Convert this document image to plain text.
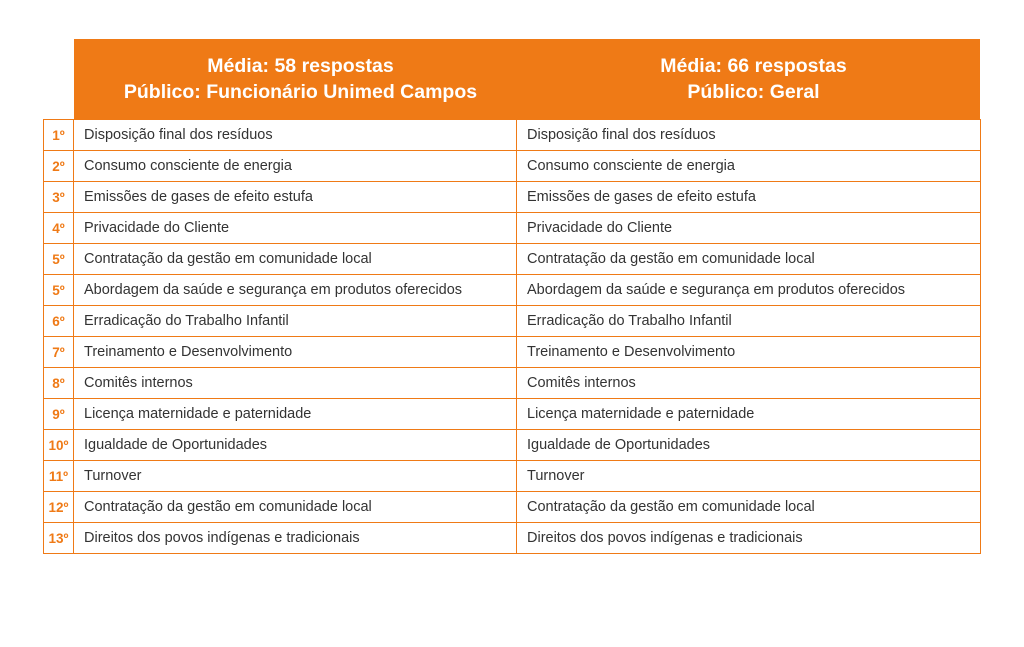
Média: 58 respostas
Público: Funcionário Unimed Campos
Média: 66 respostas
Público: Geral
1º	Disposição final dos resíduos	Disposição final dos resíduos
2º	Consumo consciente de energia	Consumo consciente de energia
3º	Emissões de gases de efeito estufa	Emissões de gases de efeito estufa
4º	Privacidade do Cliente	Privacidade do Cliente
5º	Contratação da gestão em comunidade local	Contratação da gestão em comunidade local
5º	Abordagem da saúde e segurança em produtos oferecidos	Abordagem da saúde e segurança em produtos oferecidos
6º	Erradicação do Trabalho Infantil	Erradicação do Trabalho Infantil
7º	Treinamento e Desenvolvimento	Treinamento e Desenvolvimento
8º	Comitês internos	Comitês internos
9º	Licença maternidade e paternidade	Licença maternidade e paternidade
10º	Igualdade de Oportunidades	Igualdade de Oportunidades
11º	Turnover	Turnover
12º	Contratação da gestão em comunidade local	Contratação da gestão em comunidade local
13º	Direitos dos povos indígenas e tradicionais	Direitos dos povos indígenas e tradicionais
